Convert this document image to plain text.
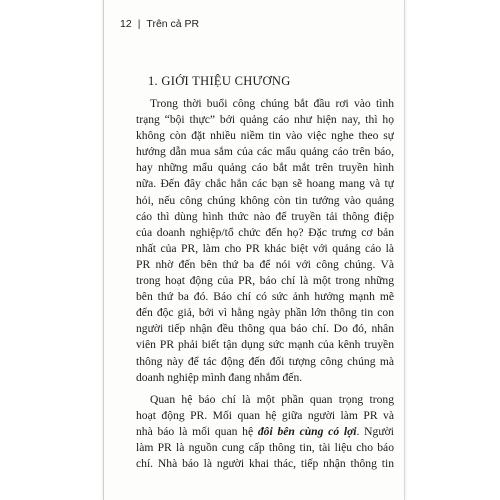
12 | Trên cả PR
1. GIỚI THIỆU CHƯƠNG
Trong thời buổi công chúng bắt đầu rơi vào tình
trạng “bội thực” bởi quảng cáo như hiện nay, thì họ
không còn đặt nhiều niềm tin vào việc nghe theo sự
hướng dẫn mua sắm của các mẩu quảng cáo trên báo,
hay những mẩu quảng cáo bắt mắt trên truyền hình
nữa. Đến đây chắc hẳn các bạn sẽ hoang mang và tự
hỏi, nếu công chúng không còn tin tưởng vào quảng
cáo thì dùng hình thức nào để truyền tải thông điệp
của doanh nghiệp/tổ chức đến họ? Đặc trưng cơ bản
nhất của PR, làm cho PR khác biệt với quảng cáo là
PR nhờ đến bên thứ ba để nói với công chúng. Và
trong hoạt động của PR, báo chí là một trong những
bên thứ ba đó. Báo chí có sức ảnh hưởng mạnh mẽ
đến độc giả, bởi vì hằng ngày phần lớn thông tin con
người tiếp nhận đều thông qua báo chí. Do đó, nhân
viên PR phải biết tận dụng sức mạnh của kênh truyền
thông này để tác động đến đối tượng công chúng mà
doanh nghiệp mình đang nhắm đến.
Quan hệ báo chí là một phần quan trọng trong
hoạt động PR. Mối quan hệ giữa người làm PR và
nhà báo là mối quan hệ đôi bên cùng có lợi. Người
làm PR là nguồn cung cấp thông tin, tài liệu cho báo
chí. Nhà báo là người khai thác, tiếp nhận thông tin
